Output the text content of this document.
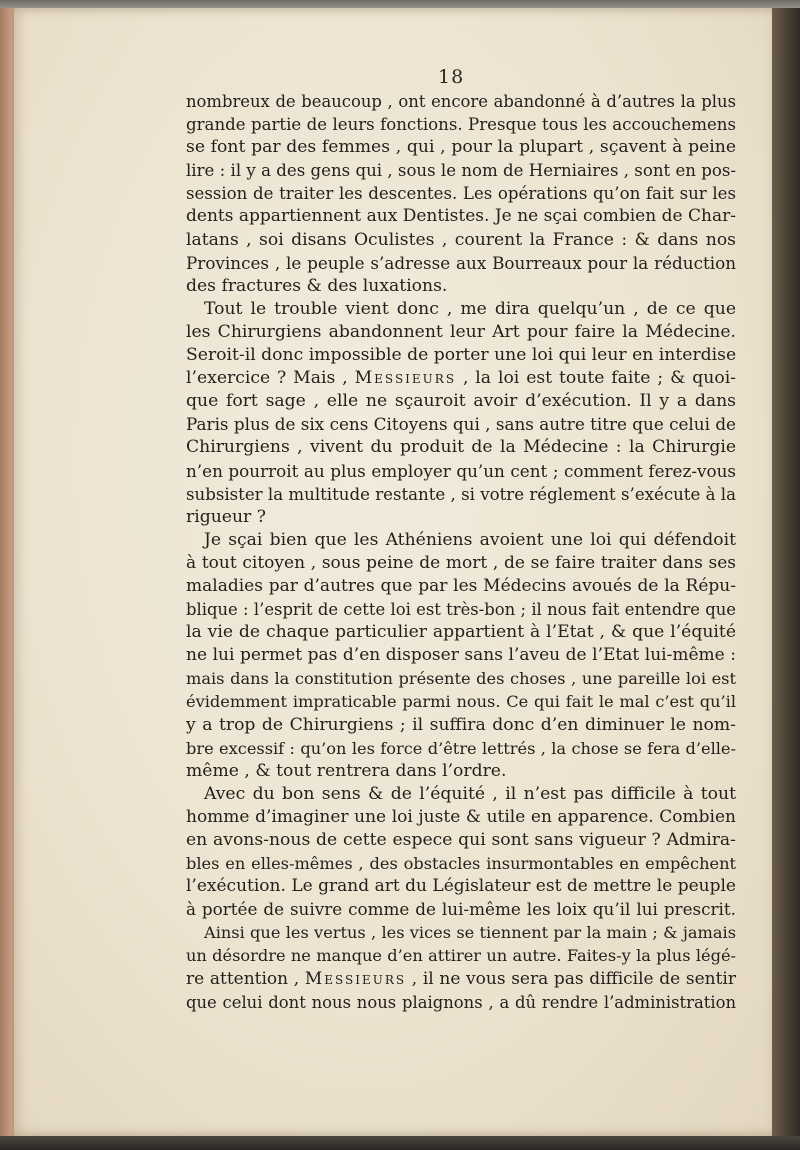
18
nombreux de beaucoup , ont encore abandonné à d’autres la plus
grande partie de leurs fonctions. Presque tous les accouchemens
se font par des femmes , qui , pour la plupart , sçavent à peine
lire : il y a des gens qui , sous le nom de Herniaires , sont en pos-
session de traiter les descentes. Les opérations qu’on fait sur les
dents appartiennent aux Dentistes. Je ne sçai combien de Char-
latans , soi disans Oculistes , courent la France : & dans nos
Provinces , le peuple s’adresse aux Bourreaux pour la réduction
des fractures & des luxations.
Tout le trouble vient donc , me dira quelqu’un , de ce que
les Chirurgiens abandonnent leur Art pour faire la Médecine.
Seroit-il donc impossible de porter une loi qui leur en interdise
l’exercice ? Mais , Messieurs , la loi est toute faite ; & quoi-
que fort sage , elle ne sçauroit avoir d’exécution. Il y a dans
Paris plus de six cens Citoyens qui , sans autre titre que celui de
Chirurgiens , vivent du produit de la Médecine : la Chirurgie
n’en pourroit au plus employer qu’un cent ; comment ferez-vous
subsister la multitude restante , si votre réglement s’exécute à la
rigueur ?
Je sçai bien que les Athéniens avoient une loi qui défendoit
à tout citoyen , sous peine de mort , de se faire traiter dans ses
maladies par d’autres que par les Médecins avoués de la Répu-
blique : l’esprit de cette loi est très-bon ; il nous fait entendre que
la vie de chaque particulier appartient à l’Etat , & que l’équité
ne lui permet pas d’en disposer sans l’aveu de l’Etat lui-même :
mais dans la constitution présente des choses , une pareille loi est
évidemment impraticable parmi nous. Ce qui fait le mal c’est qu’il
y a trop de Chirurgiens ; il suffira donc d’en diminuer le nom-
bre excessif : qu’on les force d’être lettrés , la chose se fera d’elle-
même , & tout rentrera dans l’ordre.
Avec du bon sens & de l’équité , il n’est pas difficile à tout
homme d’imaginer une loi juste & utile en apparence. Combien
en avons-nous de cette espece qui sont sans vigueur ? Admira-
bles en elles-mêmes , des obstacles insurmontables en empêchent
l’exécution. Le grand art du Législateur est de mettre le peuple
à portée de suivre comme de lui-même les loix qu’il lui prescrit.
Ainsi que les vertus , les vices se tiennent par la main ; & jamais
un désordre ne manque d’en attirer un autre. Faites-y la plus légé-
re attention , Messieurs , il ne vous sera pas difficile de sentir
que celui dont nous nous plaignons , a dû rendre l’administration
